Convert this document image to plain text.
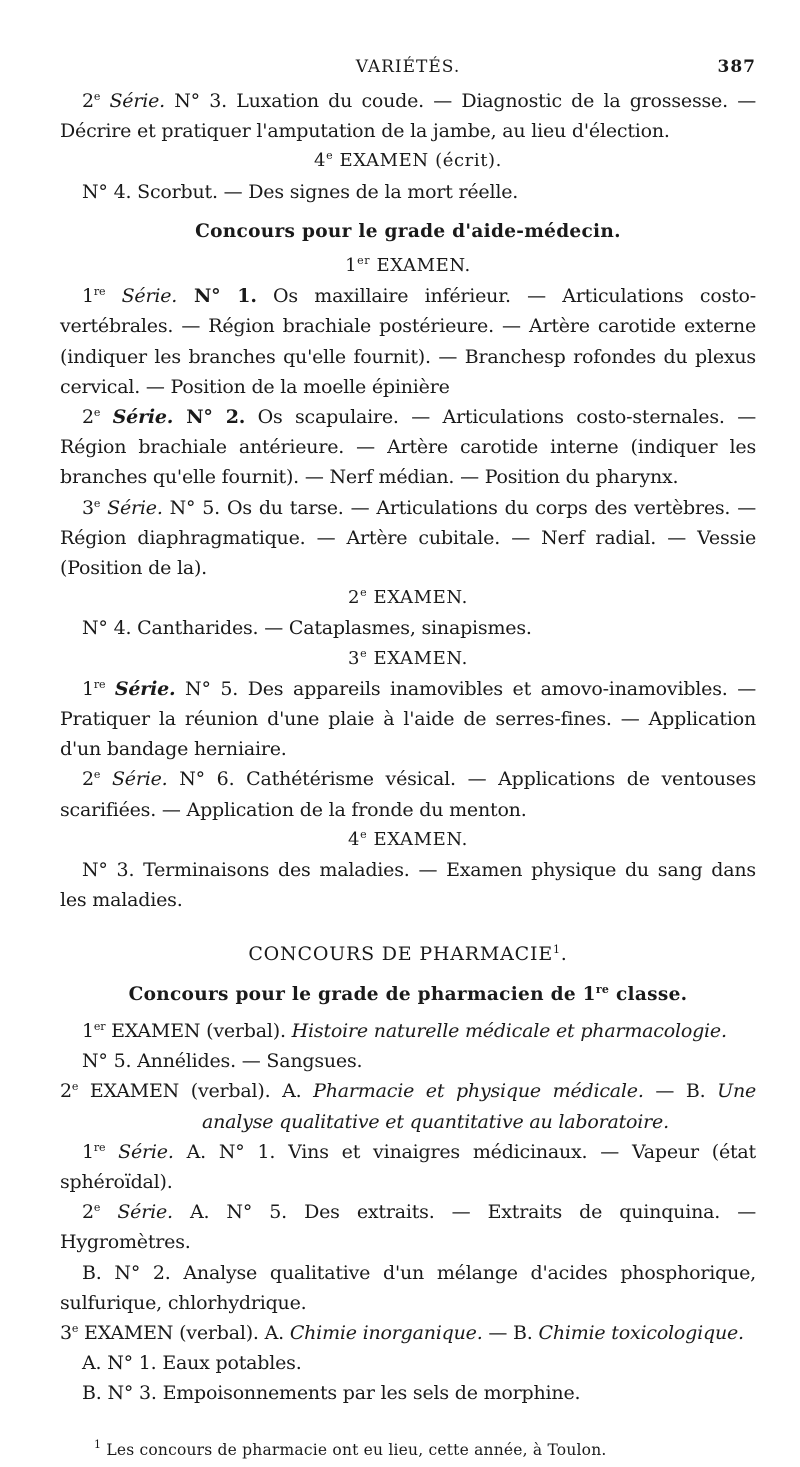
VARIÉTÉS.	387

2e Série. N° 3. Luxation du coude. — Diagnostic de la grossesse. — Décrire et pratiquer l'amputation de la jambe, au lieu d'élection.

4e EXAMEN (écrit).

N° 4. Scorbut. — Des signes de la mort réelle.

Concours pour le grade d'aide-médecin.

1er EXAMEN.

1re Série. N° 1. Os maxillaire inférieur. — Articulations costo-vertébrales. — Région brachiale postérieure. — Artère carotide externe (indiquer les branches qu'elle fournit). — Branchesp rofondes du plexus cervical. — Position de la moelle épinière

2e Série. N° 2. Os scapulaire. — Articulations costo-sternales. — Région brachiale antérieure. — Artère carotide interne (indiquer les branches qu'elle fournit). — Nerf médian. — Position du pharynx.

3e Série. N° 5. Os du tarse. — Articulations du corps des vertèbres. — Région diaphragmatique. — Artère cubitale. — Nerf radial. — Vessie (Position de la).

2e EXAMEN.

N° 4. Cantharides. — Cataplasmes, sinapismes.

3e EXAMEN.

1re Série. N° 5. Des appareils inamovibles et amovo-inamovibles. — Pratiquer la réunion d'une plaie à l'aide de serres-fines. — Application d'un bandage herniaire.

2e Série. N° 6. Cathétérisme vésical. — Applications de ventouses scarifiées. — Application de la fronde du menton.

4e EXAMEN.

N° 3. Terminaisons des maladies. — Examen physique du sang dans les maladies.

CONCOURS DE PHARMACIE$^1$.

Concours pour le grade de pharmacien de 1re classe.

1er EXAMEN (verbal). Histoire naturelle médicale et pharmacologie.

N° 5. Annélides. — Sangsues.

2e EXAMEN (verbal). A. Pharmacie et physique médicale. — B. Une analyse qualitative et quantitative au laboratoire.

1re Série. A. N° 1. Vins et vinaigres médicinaux. — Vapeur (état sphéroïdal).

2e Série. A. N° 5. Des extraits. — Extraits de quinquina. — Hygromètres.

B. N° 2. Analyse qualitative d'un mélange d'acides phosphorique, sulfurique, chlorhydrique.

3e EXAMEN (verbal). A. Chimie inorganique. — B. Chimie toxicologique.

A. N° 1. Eaux potables.

B. N° 3. Empoisonnements par les sels de morphine.

$^1$ Les concours de pharmacie ont eu lieu, cette année, à Toulon.
